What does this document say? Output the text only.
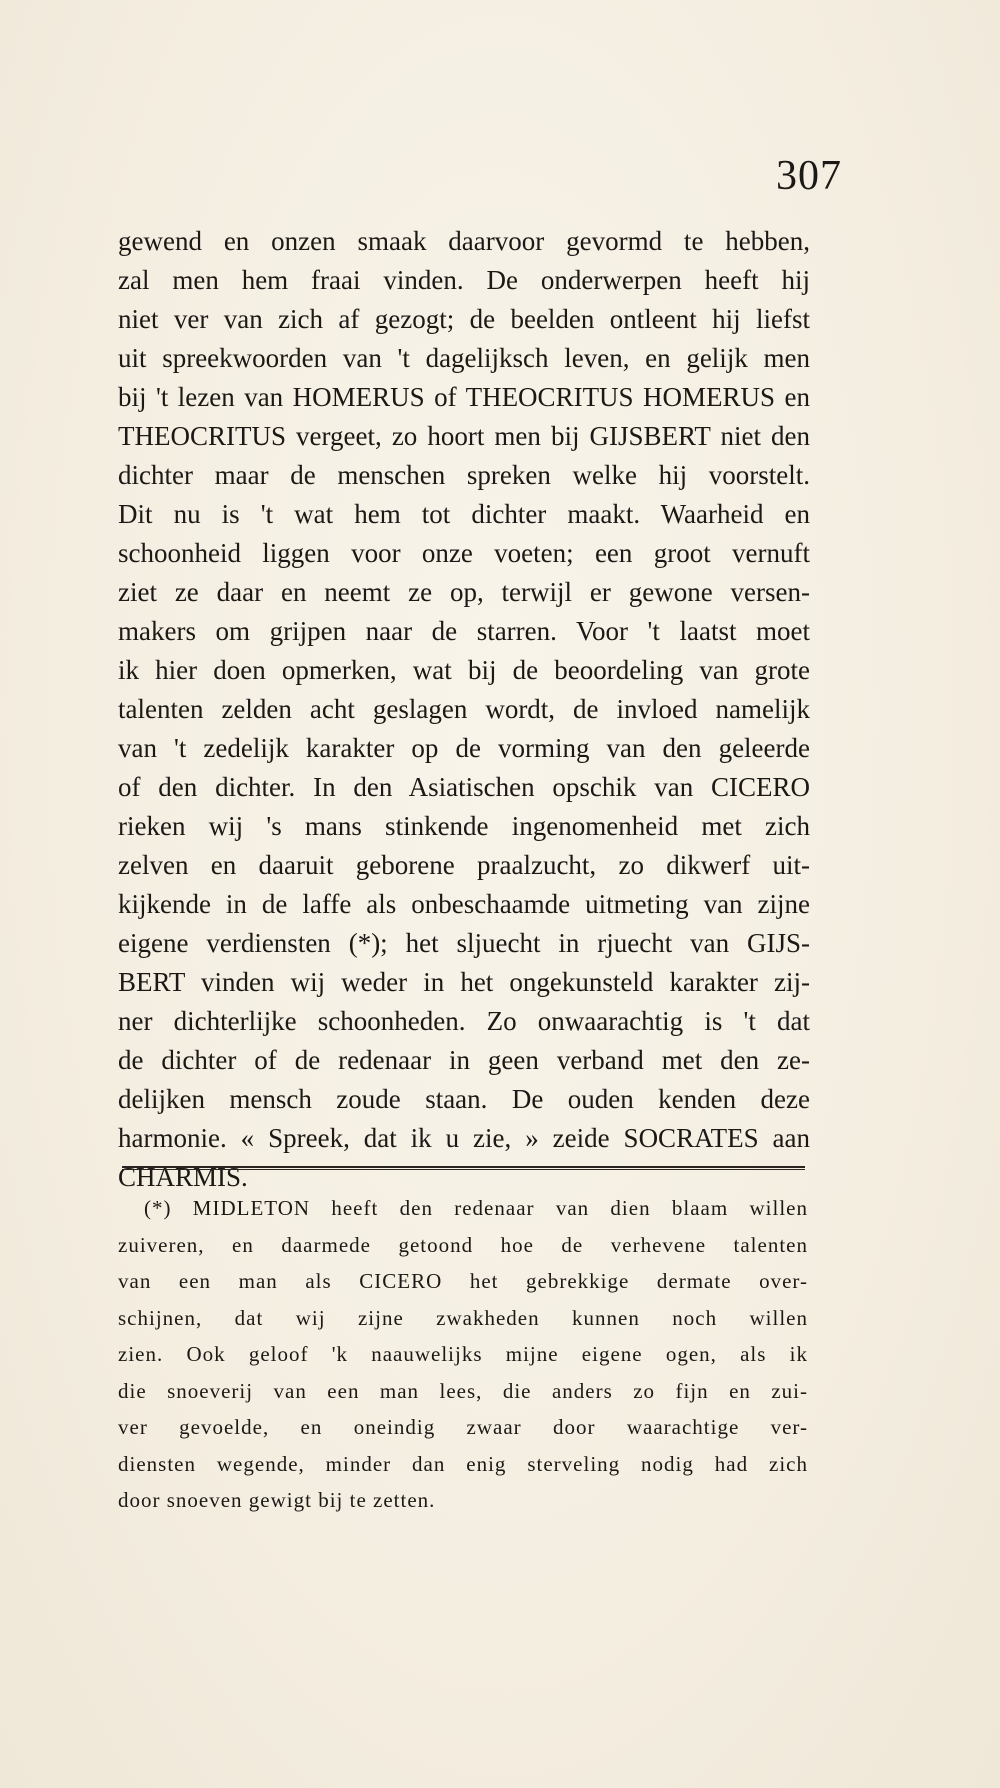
307
gewend en onzen smaak daarvoor gevormd te hebben,
zal men hem fraai vinden. De onderwerpen heeft hij
niet ver van zich af gezogt; de beelden ontleent hij liefst
uit spreekwoorden van 't dagelijksch leven, en gelijk men
bij 't lezen van HOMERUS of THEOCRITUS HOMERUS en
THEOCRITUS vergeet, zo hoort men bij GIJSBERT niet den
dichter maar de menschen spreken welke hij voorstelt.
Dit nu is 't wat hem tot dichter maakt. Waarheid en
schoonheid liggen voor onze voeten; een groot vernuft
ziet ze daar en neemt ze op, terwijl er gewone versen-
makers om grijpen naar de starren. Voor 't laatst moet
ik hier doen opmerken, wat bij de beoordeling van grote
talenten zelden acht geslagen wordt, de invloed namelijk
van 't zedelijk karakter op de vorming van den geleerde
of den dichter. In den Asiatischen opschik van CICERO
rieken wij 's mans stinkende ingenomenheid met zich
zelven en daaruit geborene praalzucht, zo dikwerf uit-
kijkende in de laffe als onbeschaamde uitmeting van zijne
eigene verdiensten (*); het sljuecht in rjuecht van GIJS-
BERT vinden wij weder in het ongekunsteld karakter zij-
ner dichterlijke schoonheden. Zo onwaarachtig is 't dat
de dichter of de redenaar in geen verband met den ze-
delijken mensch zoude staan. De ouden kenden deze
harmonie. « Spreek, dat ik u zie, » zeide SOCRATES aan
CHARMIS.
(*) MIDLETON heeft den redenaar van dien blaam willen
zuiveren, en daarmede getoond hoe de verhevene talenten
van een man als CICERO het gebrekkige dermate over-
schijnen, dat wij zijne zwakheden kunnen noch willen
zien. Ook geloof 'k naauwelijks mijne eigene ogen, als ik
die snoeverij van een man lees, die anders zo fijn en zui-
ver gevoelde, en oneindig zwaar door waarachtige ver-
diensten wegende, minder dan enig sterveling nodig had zich
door snoeven gewigt bij te zetten.
